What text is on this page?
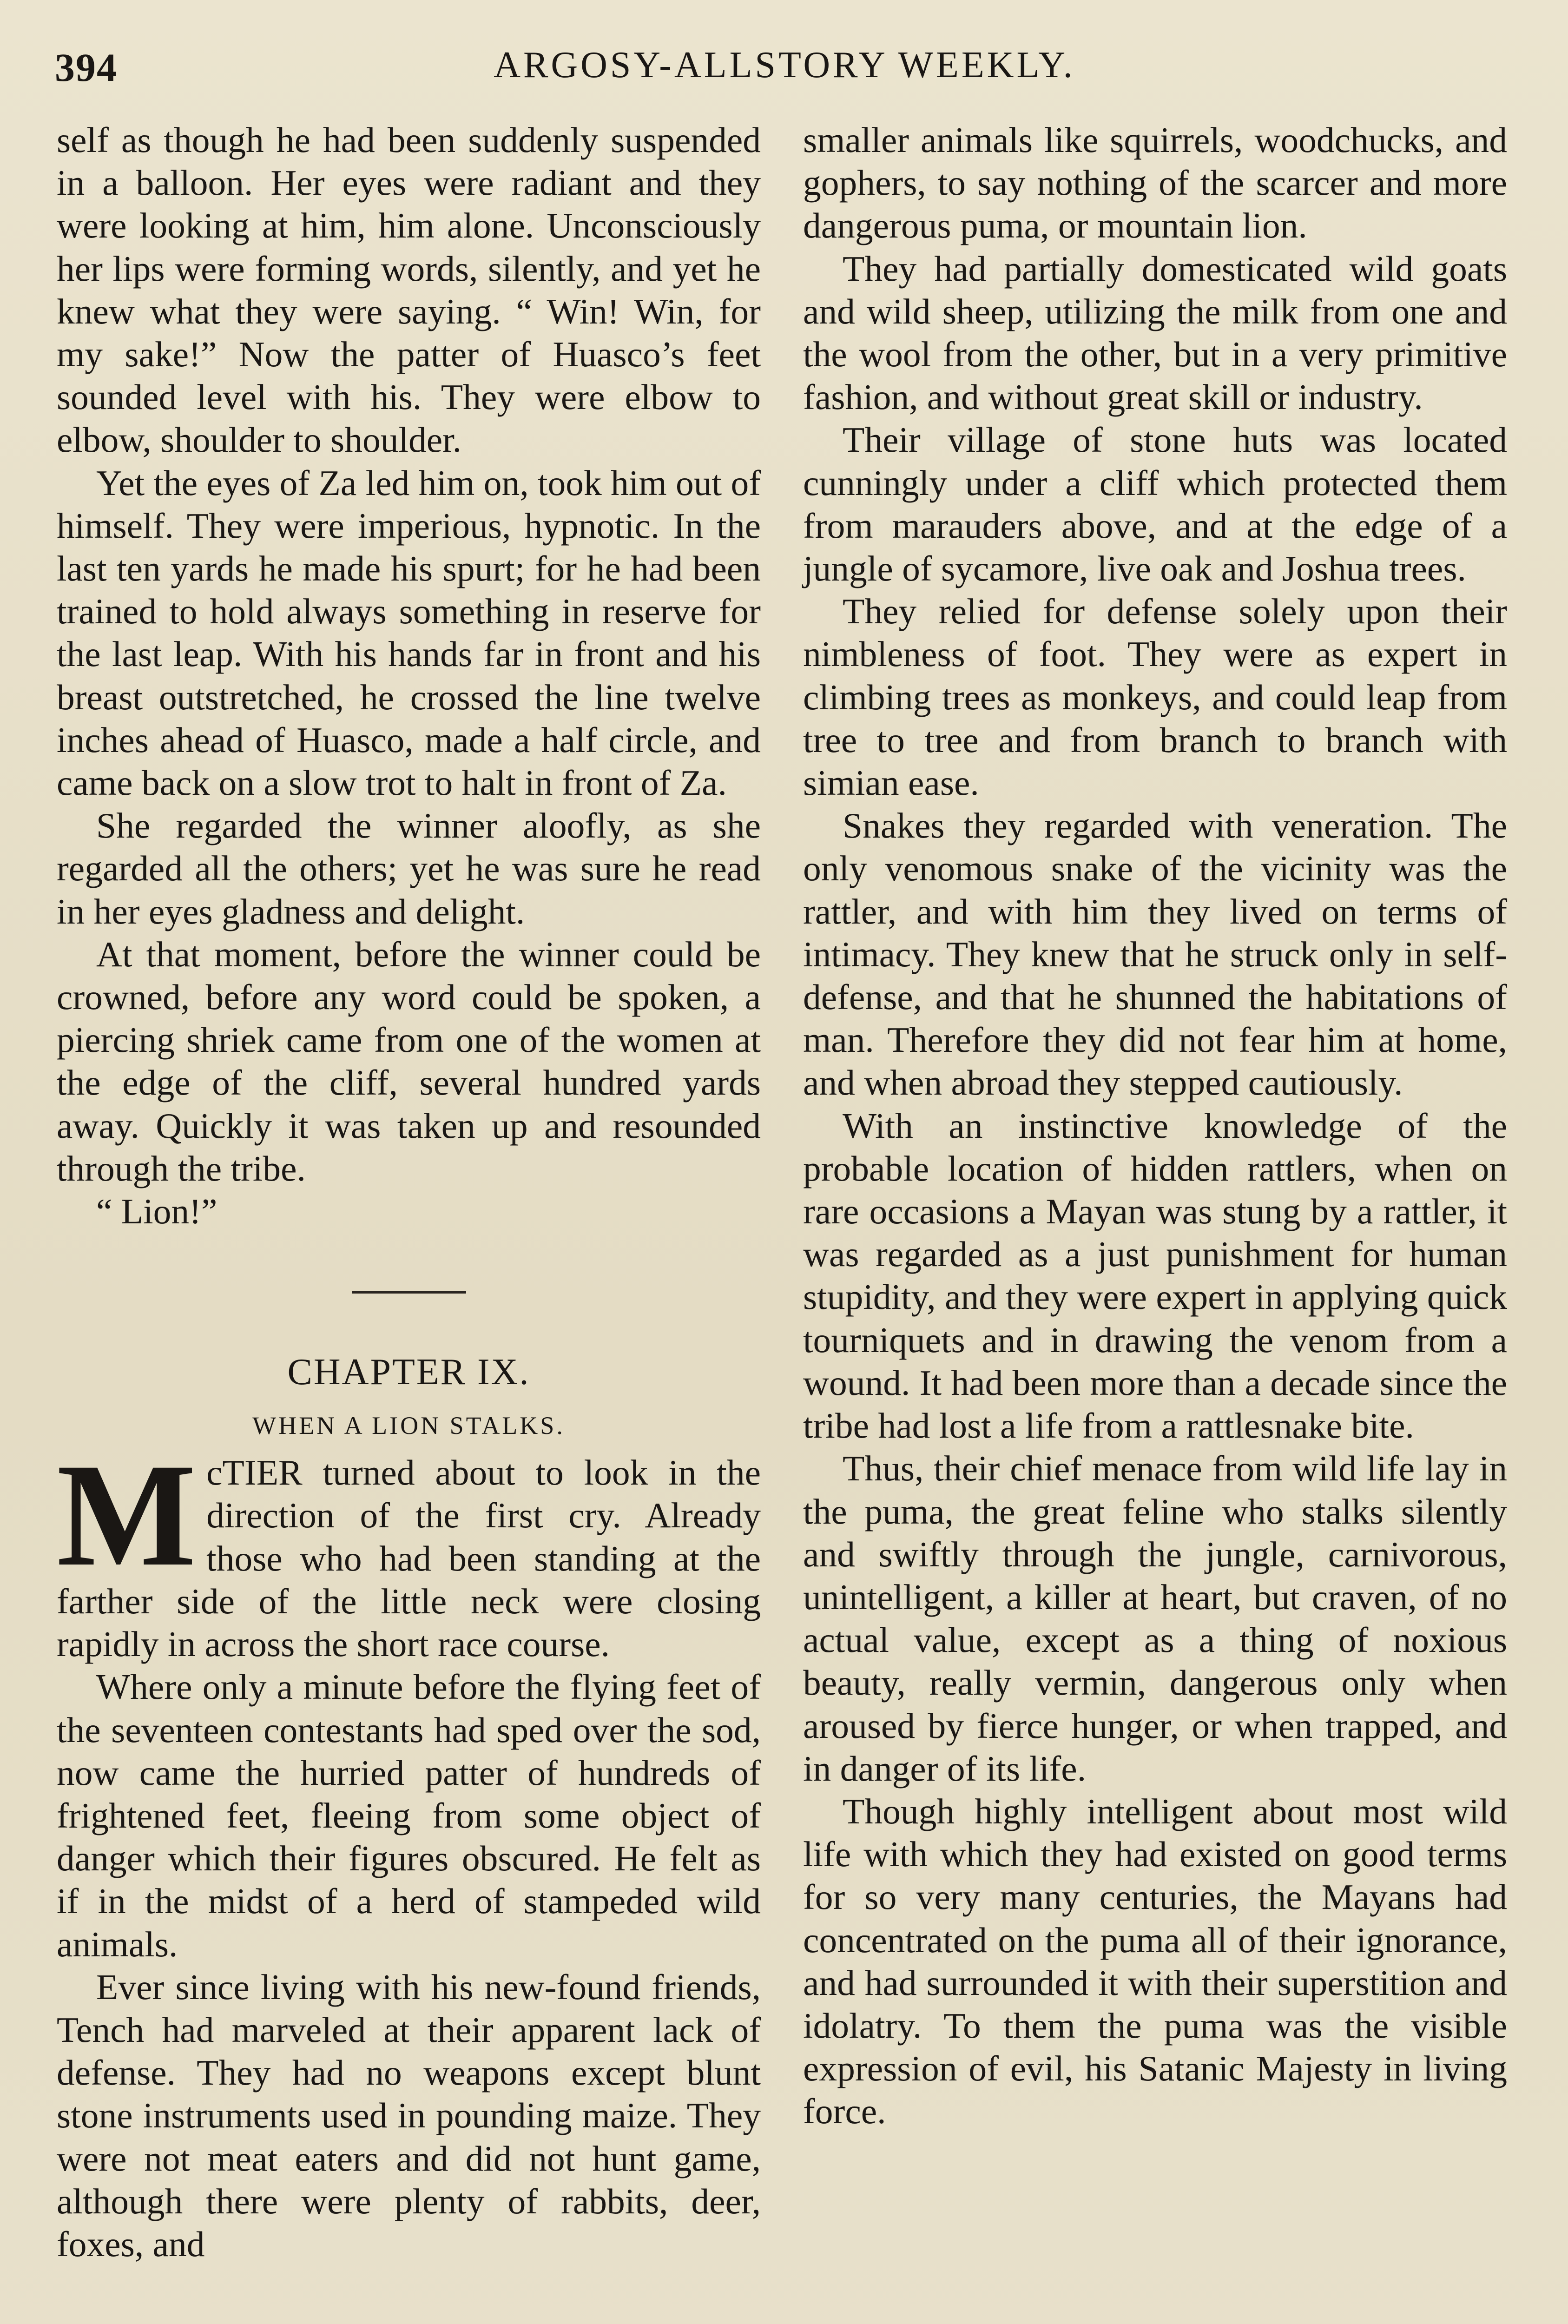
394	ARGOSY-ALLSTORY WEEKLY.

self as though he had been suddenly suspended in a balloon. Her eyes were radiant and they were looking at him, him alone. Unconsciously her lips were forming words, silently, and yet he knew what they were saying. “ Win! Win, for my sake!” Now the patter of Huasco’s feet sounded level with his. They were elbow to elbow, shoulder to shoulder.

Yet the eyes of Za led him on, took him out of himself. They were imperious, hypnotic. In the last ten yards he made his spurt; for he had been trained to hold always something in reserve for the last leap. With his hands far in front and his breast outstretched, he crossed the line twelve inches ahead of Huasco, made a half circle, and came back on a slow trot to halt in front of Za.

She regarded the winner aloofly, as she regarded all the others; yet he was sure he read in her eyes gladness and delight.

At that moment, before the winner could be crowned, before any word could be spoken, a piercing shriek came from one of the women at the edge of the cliff, several hundred yards away. Quickly it was taken up and resounded through the tribe.

“ Lion!”

CHAPTER IX.

WHEN A LION STALKS.

McTIER turned about to look in the direction of the first cry. Already those who had been standing at the farther side of the little neck were closing rapidly in across the short race course.

Where only a minute before the flying feet of the seventeen contestants had sped over the sod, now came the hurried patter of hundreds of frightened feet, fleeing from some object of danger which their figures obscured. He felt as if in the midst of a herd of stampeded wild animals.

Ever since living with his new-found friends, Tench had marveled at their apparent lack of defense. They had no weapons except blunt stone instruments used in pounding maize. They were not meat eaters and did not hunt game, although there were plenty of rabbits, deer, foxes, and

smaller animals like squirrels, woodchucks, and gophers, to say nothing of the scarcer and more dangerous puma, or mountain lion.

They had partially domesticated wild goats and wild sheep, utilizing the milk from one and the wool from the other, but in a very primitive fashion, and without great skill or industry.

Their village of stone huts was located cunningly under a cliff which protected them from marauders above, and at the edge of a jungle of sycamore, live oak and Joshua trees.

They relied for defense solely upon their nimbleness of foot. They were as expert in climbing trees as monkeys, and could leap from tree to tree and from branch to branch with simian ease.

Snakes they regarded with veneration. The only venomous snake of the vicinity was the rattler, and with him they lived on terms of intimacy. They knew that he struck only in self-defense, and that he shunned the habitations of man. Therefore they did not fear him at home, and when abroad they stepped cautiously.

With an instinctive knowledge of the probable location of hidden rattlers, when on rare occasions a Mayan was stung by a rattler, it was regarded as a just punishment for human stupidity, and they were expert in applying quick tourniquets and in drawing the venom from a wound. It had been more than a decade since the tribe had lost a life from a rattlesnake bite.

Thus, their chief menace from wild life lay in the puma, the great feline who stalks silently and swiftly through the jungle, carnivorous, unintelligent, a killer at heart, but craven, of no actual value, except as a thing of noxious beauty, really vermin, dangerous only when aroused by fierce hunger, or when trapped, and in danger of its life.

Though highly intelligent about most wild life with which they had existed on good terms for so very many centuries, the Mayans had concentrated on the puma all of their ignorance, and had surrounded it with their superstition and idolatry. To them the puma was the visible expression of evil, his Satanic Majesty in living force.
